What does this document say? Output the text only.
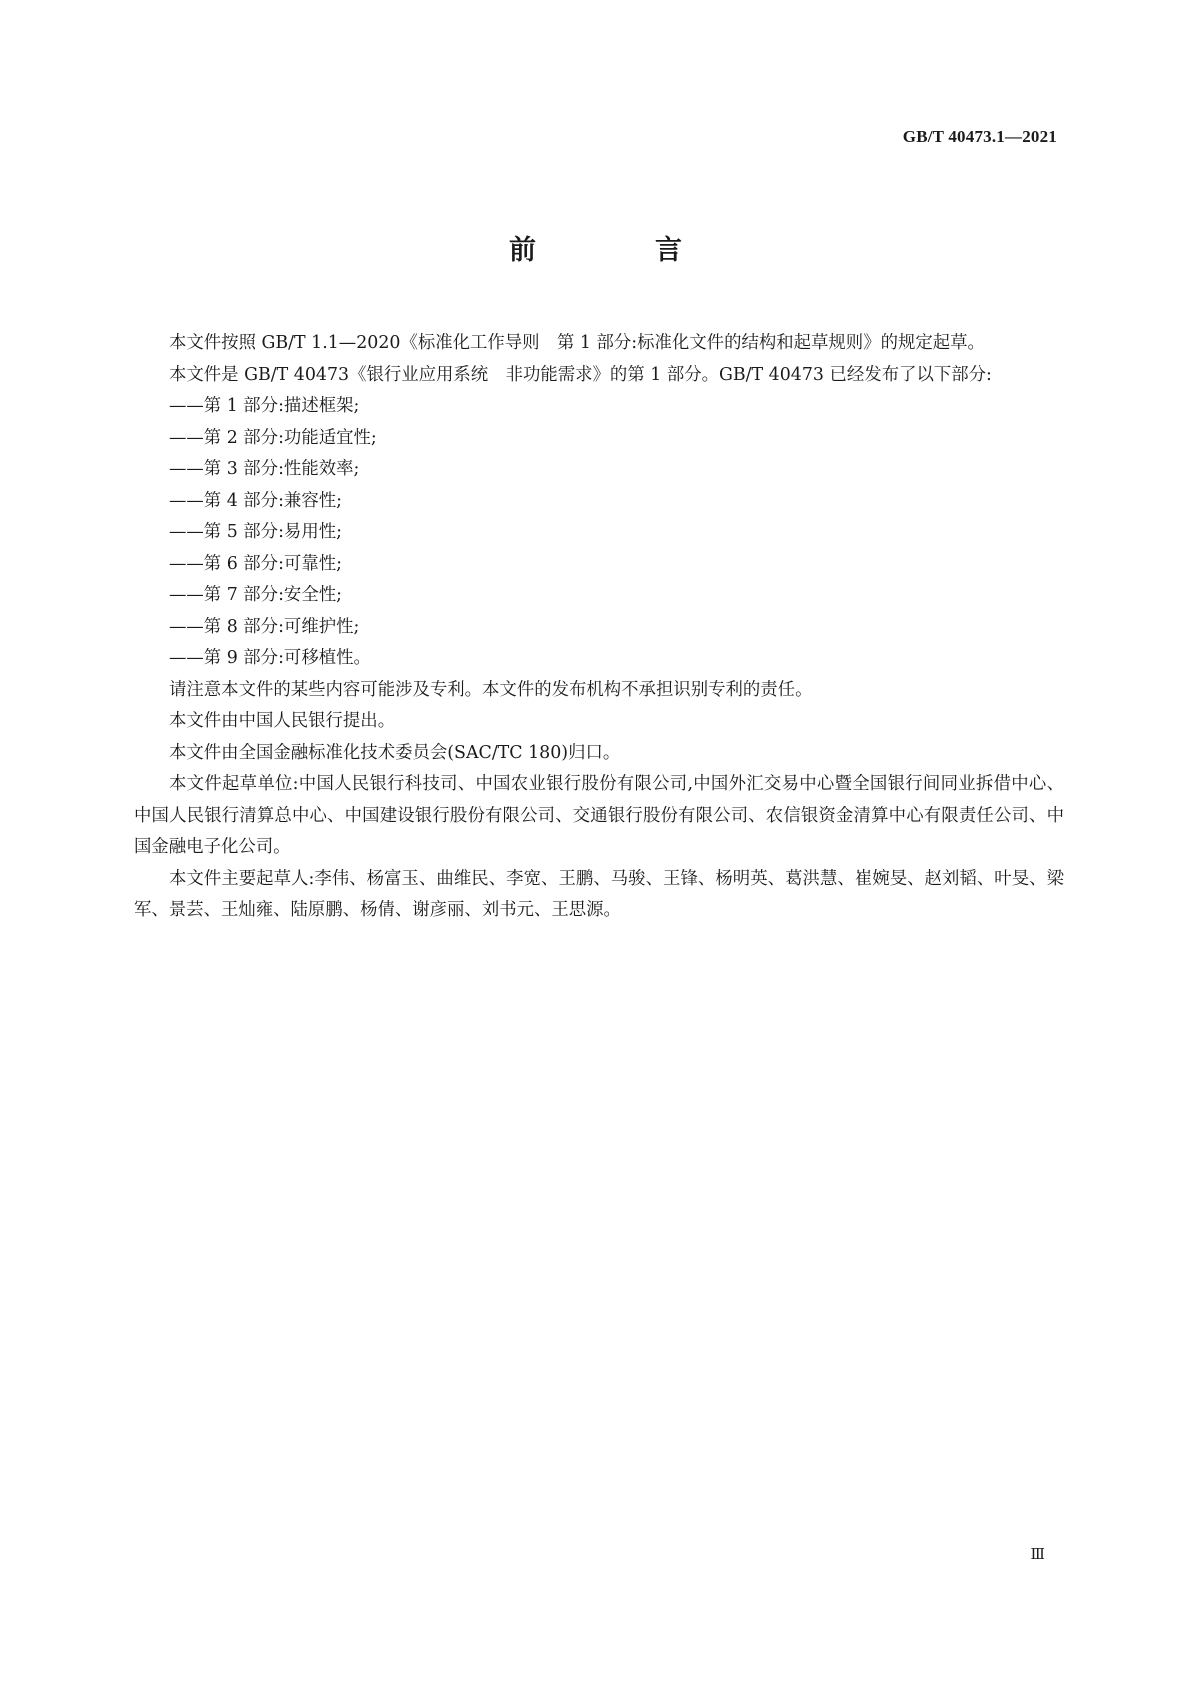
GB/T 40473.1—2021
前　言

本文件按照 GB/T 1.1—2020《标准化工作导则　第 1 部分:标准化文件的结构和起草规则》的规定起草。

本文件是 GB/T 40473《银行业应用系统　非功能需求》的第 1 部分。GB/T 40473 已经发布了以下部分:

——第 1 部分:描述框架;
——第 2 部分:功能适宜性;
——第 3 部分:性能效率;
——第 4 部分:兼容性;
——第 5 部分:易用性;
——第 6 部分:可靠性;
——第 7 部分:安全性;
——第 8 部分:可维护性;
——第 9 部分:可移植性。

请注意本文件的某些内容可能涉及专利。本文件的发布机构不承担识别专利的责任。

本文件由中国人民银行提出。

本文件由全国金融标准化技术委员会(SAC/TC 180)归口。

本文件起草单位:中国人民银行科技司、中国农业银行股份有限公司,中国外汇交易中心暨全国银行间同业拆借中心、中国人民银行清算总中心、中国建设银行股份有限公司、交通银行股份有限公司、农信银资金清算中心有限责任公司、中国金融电子化公司。

本文件主要起草人:李伟、杨富玉、曲维民、李宽、王鹏、马骏、王锋、杨明英、葛洪慧、崔婉旻、赵刘韬、叶旻、梁军、景芸、王灿雍、陆原鹏、杨倩、谢彦丽、刘书元、王思源。

Ⅲ
